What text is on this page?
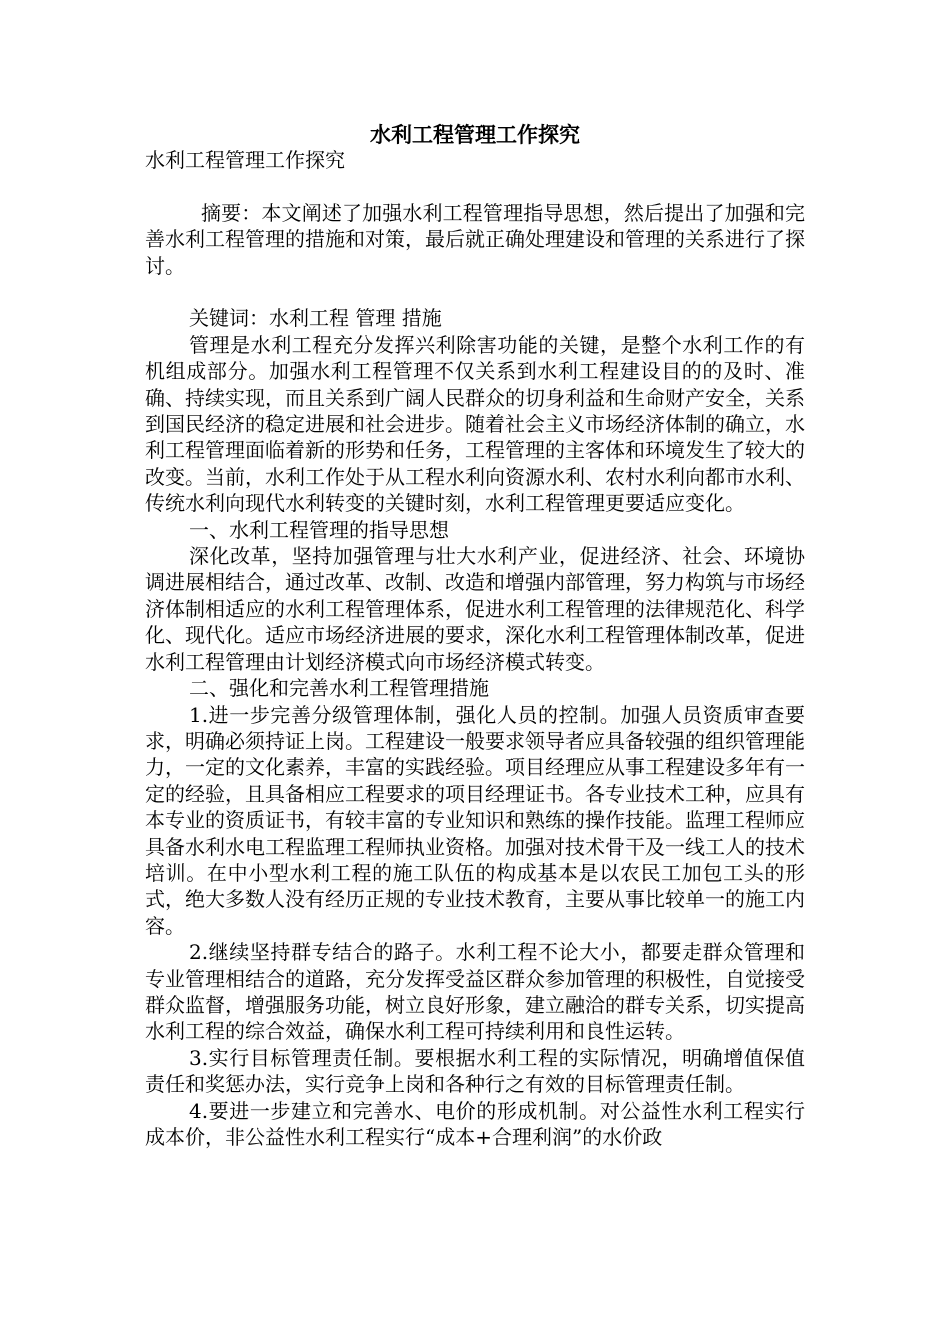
水利工程管理工作探究

水利工程管理工作探究

摘要：本文阐述了加强水利工程管理指导思想，然后提出了加强和完善水利工程管理的措施和对策，最后就正确处理建设和管理的关系进行了探讨。

关键词：水利工程 管理 措施

管理是水利工程充分发挥兴利除害功能的关键，是整个水利工作的有机组成部分。加强水利工程管理不仅关系到水利工程建设目的的及时、准确、持续实现，而且关系到广阔人民群众的切身利益和生命财产安全，关系到国民经济的稳定进展和社会进步。随着社会主义市场经济体制的确立，水利工程管理面临着新的形势和任务，工程管理的主客体和环境发生了较大的改变。当前，水利工作处于从工程水利向资源水利、农村水利向都市水利、传统水利向现代水利转变的关键时刻，水利工程管理更要适应变化。

一、水利工程管理的指导思想

深化改革，坚持加强管理与壮大水利产业，促进经济、社会、环境协调进展相结合，通过改革、改制、改造和增强内部管理，努力构筑与市场经济体制相适应的水利工程管理体系，促进水利工程管理的法律规范化、科学化、现代化。适应市场经济进展的要求，深化水利工程管理体制改革，促进水利工程管理由计划经济模式向市场经济模式转变。

二、强化和完善水利工程管理措施

1.进一步完善分级管理体制，强化人员的控制。加强人员资质审查要求，明确必须持证上岗。工程建设一般要求领导者应具备较强的组织管理能力，一定的文化素养，丰富的实践经验。项目经理应从事工程建设多年有一定的经验，且具备相应工程要求的项目经理证书。各专业技术工种，应具有本专业的资质证书，有较丰富的专业知识和熟练的操作技能。监理工程师应具备水利水电工程监理工程师执业资格。加强对技术骨干及一线工人的技术培训。在中小型水利工程的施工队伍的构成基本是以农民工加包工头的形式，绝大多数人没有经历正规的专业技术教育，主要从事比较单一的施工内容。

2.继续坚持群专结合的路子。水利工程不论大小，都要走群众管理和专业管理相结合的道路，充分发挥受益区群众参加管理的积极性，自觉接受群众监督，增强服务功能，树立良好形象，建立融洽的群专关系，切实提高水利工程的综合效益，确保水利工程可持续利用和良性运转。

3.实行目标管理责任制。要根据水利工程的实际情况，明确增值保值责任和奖惩办法，实行竞争上岗和各种行之有效的目标管理责任制。

4.要进一步建立和完善水、电价的形成机制。对公益性水利工程实行成本价，非公益性水利工程实行“成本+合理利润”的水价政
